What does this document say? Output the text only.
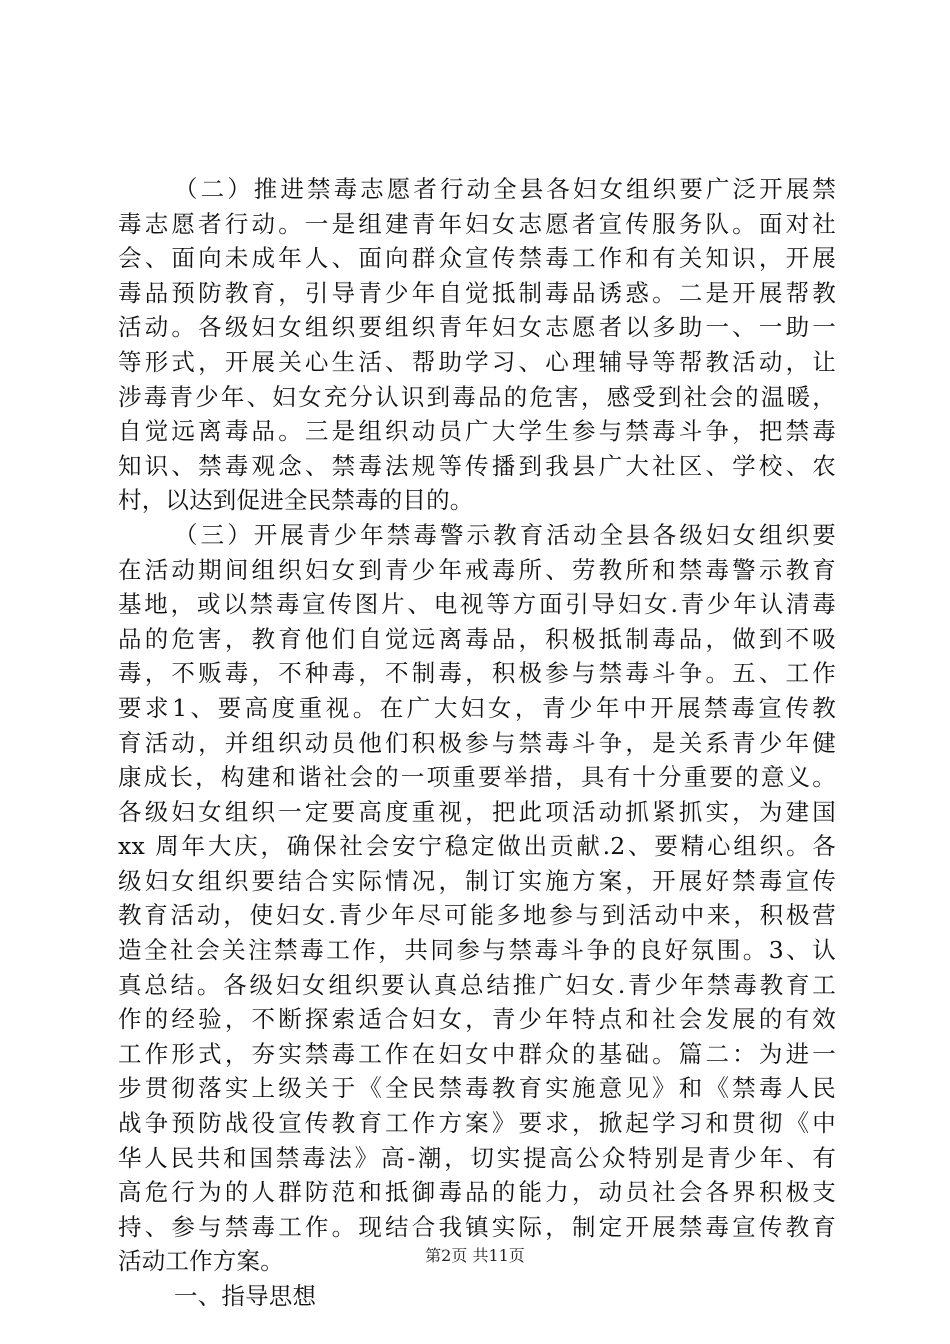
（二）推进禁毒志愿者行动全县各妇女组织要广泛开展禁
毒志愿者行动。一是组建青年妇女志愿者宣传服务队。面对社
会、面向未成年人、面向群众宣传禁毒工作和有关知识，开展
毒品预防教育，引导青少年自觉抵制毒品诱惑。二是开展帮教
活动。各级妇女组织要组织青年妇女志愿者以多助一、一助一
等形式，开展关心生活、帮助学习、心理辅导等帮教活动，让
涉毒青少年、妇女充分认识到毒品的危害，感受到社会的温暖，
自觉远离毒品。三是组织动员广大学生参与禁毒斗争，把禁毒
知识、禁毒观念、禁毒法规等传播到我县广大社区、学校、农
村，以达到促进全民禁毒的目的。
（三）开展青少年禁毒警示教育活动全县各级妇女组织要
在活动期间组织妇女到青少年戒毒所、劳教所和禁毒警示教育
基地，或以禁毒宣传图片、电视等方面引导妇女.青少年认清毒
品的危害，教育他们自觉远离毒品，积极抵制毒品，做到不吸
毒，不贩毒，不种毒，不制毒，积极参与禁毒斗争。五、工作
要求1、要高度重视。在广大妇女，青少年中开展禁毒宣传教
育活动，并组织动员他们积极参与禁毒斗争，是关系青少年健
康成长，构建和谐社会的一项重要举措，具有十分重要的意义。
各级妇女组织一定要高度重视，把此项活动抓紧抓实，为建国
xx 周年大庆，确保社会安宁稳定做出贡献.2、要精心组织。各
级妇女组织要结合实际情况，制订实施方案，开展好禁毒宣传
教育活动，使妇女.青少年尽可能多地参与到活动中来，积极营
造全社会关注禁毒工作，共同参与禁毒斗争的良好氛围。3、认
真总结。各级妇女组织要认真总结推广妇女.青少年禁毒教育工
作的经验，不断探索适合妇女，青少年特点和社会发展的有效
工作形式，夯实禁毒工作在妇女中群众的基础。篇二：为进一
步贯彻落实上级关于《全民禁毒教育实施意见》和《禁毒人民
战争预防战役宣传教育工作方案》要求，掀起学习和贯彻《中
华人民共和国禁毒法》高-潮，切实提高公众特别是青少年、有
高危行为的人群防范和抵御毒品的能力，动员社会各界积极支
持、参与禁毒工作。现结合我镇实际，制定开展禁毒宣传教育
活动工作方案。
一、指导思想
第2页 共11页
